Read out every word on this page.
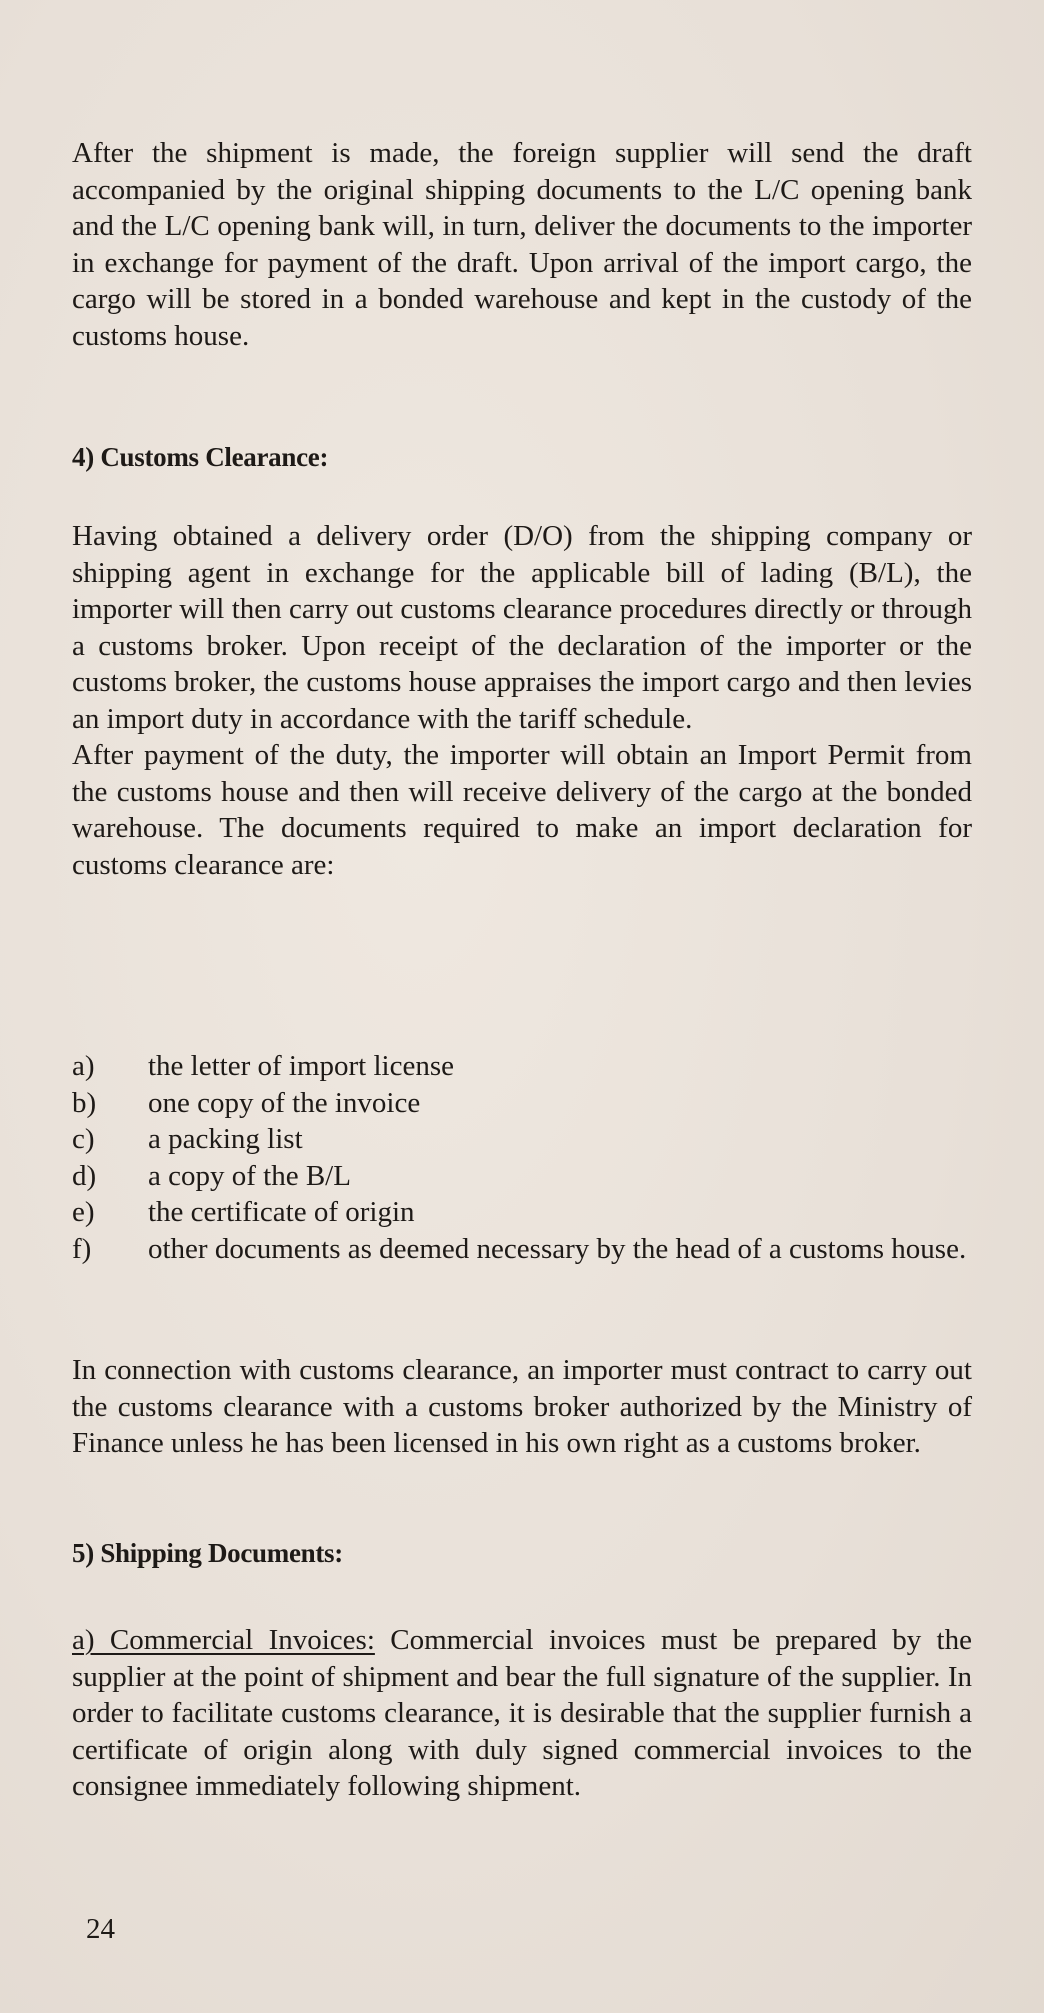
After the shipment is made, the foreign supplier will send the draft accompanied by the original shipping documents to the L/C opening bank and the L/C opening bank will, in turn, deliver the documents to the importer in exchange for payment of the draft. Upon arrival of the import cargo, the cargo will be stored in a bonded warehouse and kept in the custody of the customs house.

4) Customs Clearance:

Having obtained a delivery order (D/O) from the shipping company or shipping agent in exchange for the applicable bill of lading (B/L), the importer will then carry out customs clearance procedures directly or through a customs broker. Upon receipt of the declaration of the importer or the customs broker, the customs house appraises the import cargo and then levies an import duty in accordance with the tariff schedule.

After payment of the duty, the importer will obtain an Import Permit from the customs house and then will receive delivery of the cargo at the bonded warehouse. The documents required to make an import declaration for customs clearance are:

a)	the letter of import license
b)	one copy of the invoice
c)	a packing list
d)	a copy of the B/L
e)	the certificate of origin
f)	other documents as deemed necessary by the head of a customs house.

In connection with customs clearance, an importer must contract to carry out the customs clearance with a customs broker authorized by the Ministry of Finance unless he has been licensed in his own right as a customs broker.

5) Shipping Documents:

a) Commercial Invoices: Commercial invoices must be prepared by the supplier at the point of shipment and bear the full signature of the supplier. In order to facilitate customs clearance, it is desirable that the supplier furnish a certificate of origin along with duly signed commercial invoices to the consignee immediately following shipment.

24
